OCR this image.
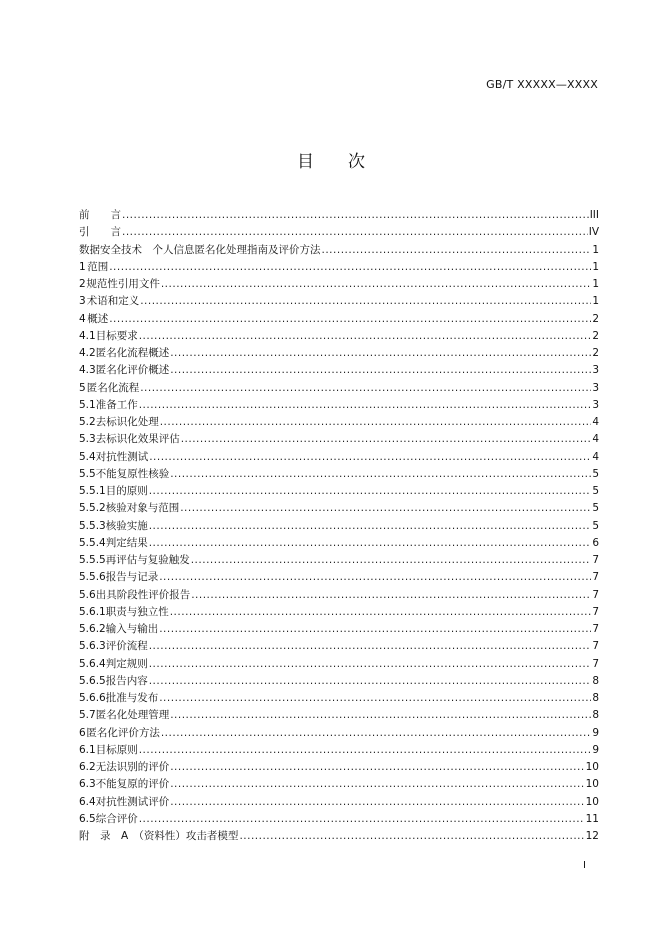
GB/T XXXXX—XXXX
目 次
前　　言 .....	III
引　　言 .....	IV
数据安全技术　个人信息匿名化处理指南及评价方法 .....	1
1 范围 .....	1
2 规范性引用文件 .....	1
3 术语和定义 .....	1
4 概述 .....	2
4.1 目标要求 .....	2
4.2 匿名化流程概述 .....	2
4.3 匿名化评价概述 .....	3
5 匿名化流程 .....	3
5.1 准备工作 .....	3
5.2 去标识化处理 .....	4
5.3 去标识化效果评估 .....	4
5.4 对抗性测试 .....	4
5.5 不能复原性核验 .....	5
5.5.1 目的原则 .....	5
5.5.2 核验对象与范围 .....	5
5.5.3 核验实施 .....	5
5.5.4 判定结果 .....	6
5.5.5 再评估与复验触发 .....	7
5.5.6 报告与记录 .....	7
5.6 出具阶段性评价报告 .....	7
5.6.1 职责与独立性 .....	7
5.6.2 输入与输出 .....	7
5.6.3 评价流程 .....	7
5.6.4 判定规则 .....	7
5.6.5 报告内容 .....	8
5.6.6 批准与发布 .....	8
5.7 匿名化处理管理 .....	8
6 匿名化评价方法 .....	9
6.1 目标原则 .....	9
6.2 无法识别的评价 .....	10
6.3 不能复原的评价 .....	10
6.4 对抗性测试评价 .....	10
6.5 综合评价 .....	11
附　录　A　（资料性）攻击者模型 .....	12
I
